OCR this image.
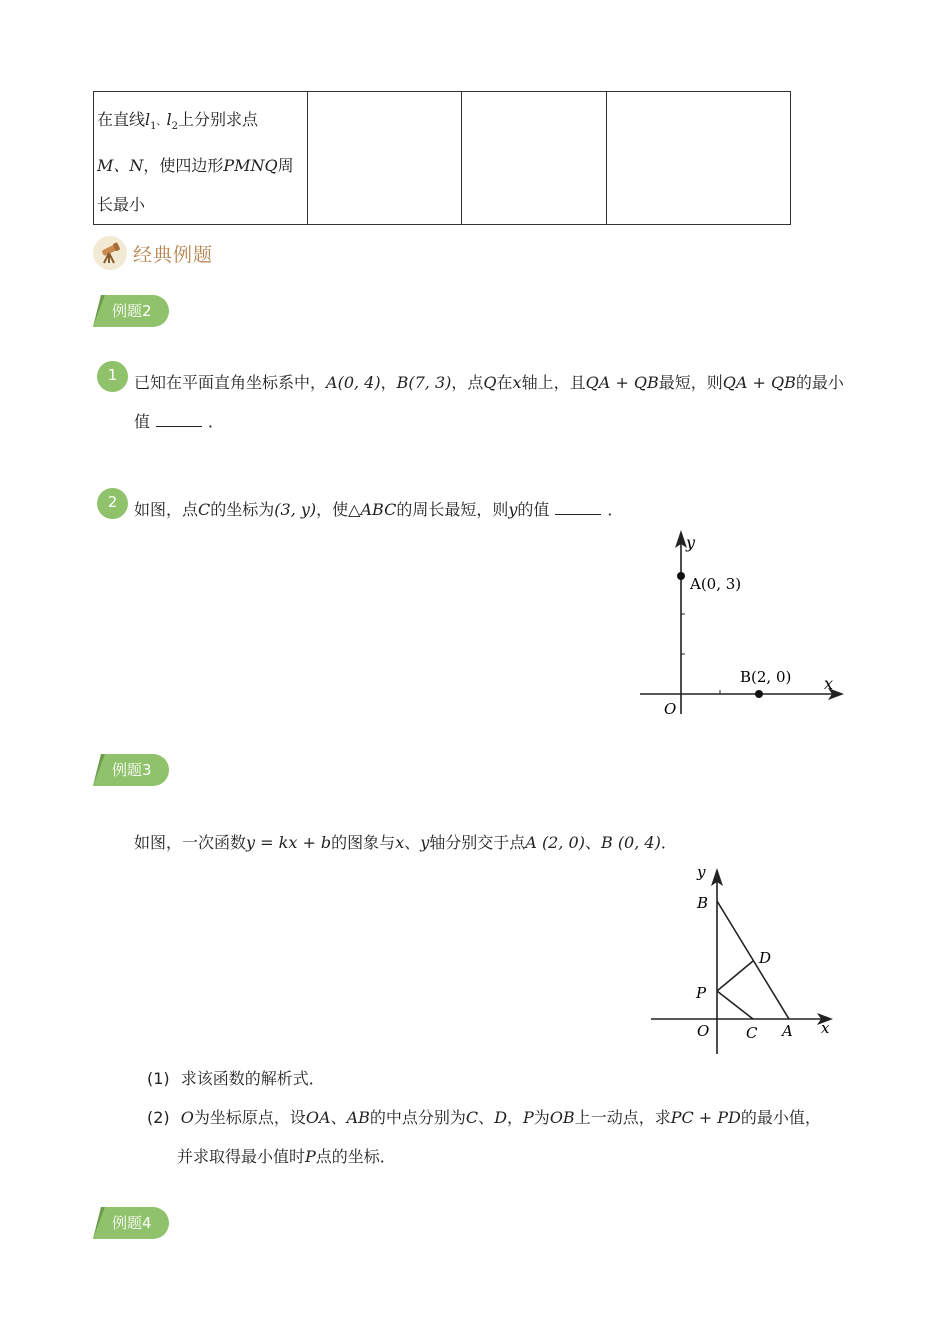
在直线$l_1$、$l_2$上分别求点
M、N，使四边形PMNQ周
长最小

经典例题
例题2
1	已知在平面直角坐标系中，A(0, 4)，B(7, 3)，点Q在x轴上，且QA + QB最短，则QA + QB的最小
值	．
2	如图，点C的坐标为(3, y)，使△ABC的周长最短，则y的值	．
y
x
O
A(0, 3)
B(2, 0)
例题3
如图，一次函数y = kx + b的图象与x、y轴分别交于点A (2, 0)、B (0, 4)．
y
x
O
B
D
P
C A
(1) 求该函数的解析式．
(2) O为坐标原点，设OA、AB的中点分别为C、D，P为OB上一动点，求PC + PD的最小值，
并求取得最小值时P点的坐标．
例题4
